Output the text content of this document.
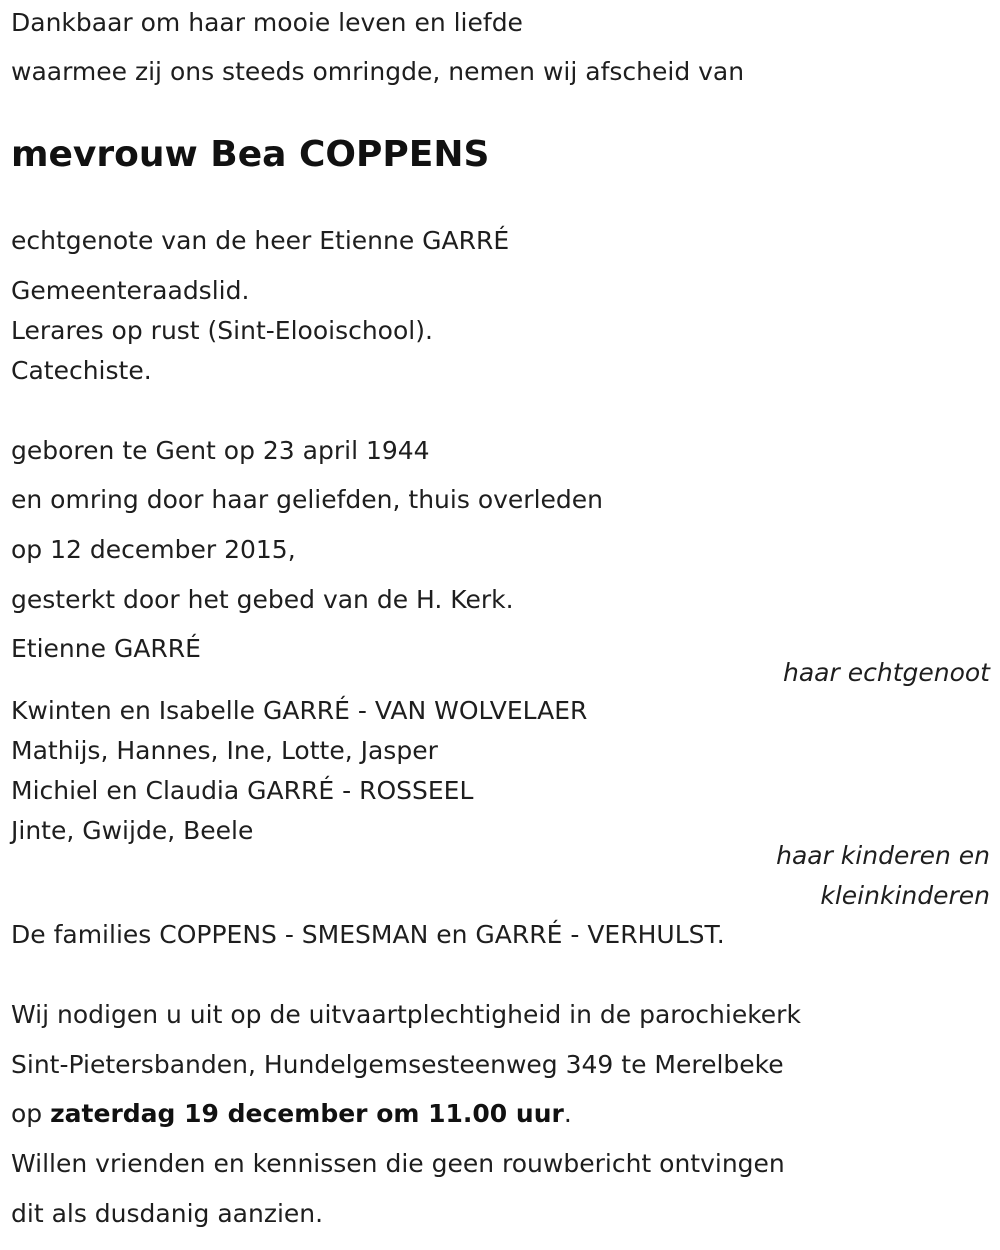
Dankbaar om haar mooie leven en liefde
waarmee zij ons steeds omringde, nemen wij afscheid van
mevrouw Bea COPPENS
echtgenote van de heer Etienne GARRÉ
Gemeenteraadslid.
Lerares op rust (Sint-Elooischool).
Catechiste.
geboren te Gent op 23 april 1944
en omring door haar geliefden, thuis overleden
op 12 december 2015,
gesterkt door het gebed van de H. Kerk.
Etienne GARRÉ
haar echtgenoot
Kwinten en Isabelle GARRÉ - VAN WOLVELAER
Mathijs, Hannes, Ine, Lotte, Jasper
Michiel en Claudia GARRÉ - ROSSEEL
Jinte, Gwijde, Beele
haar kinderen en
kleinkinderen
De families COPPENS - SMESMAN en GARRÉ - VERHULST.
Wij nodigen u uit op de uitvaartplechtigheid in de parochiekerk
Sint-Pietersbanden, Hundelgemsesteenweg 349 te Merelbeke
op zaterdag 19 december om 11.00 uur.
Willen vrienden en kennissen die geen rouwbericht ontvingen
dit als dusdanig aanzien.
